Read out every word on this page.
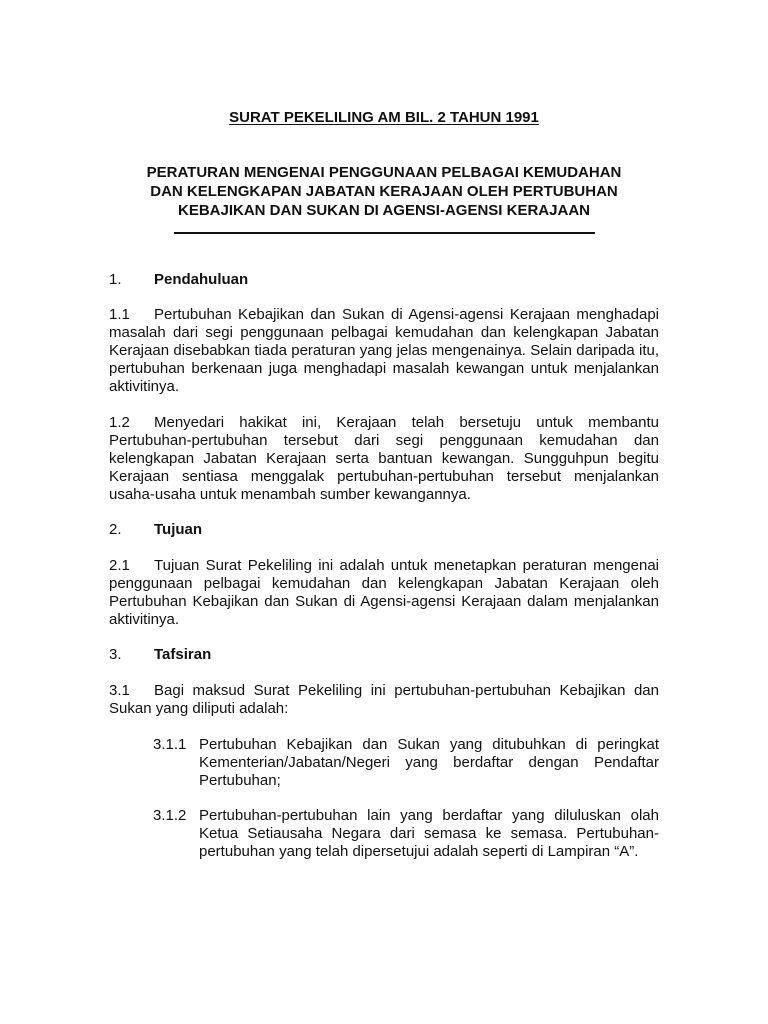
SURAT PEKELILING AM BIL. 2 TAHUN 1991
PERATURAN MENGENAI PENGGUNAAN PELBAGAI KEMUDAHAN
DAN KELENGKAPAN JABATAN KERAJAAN OLEH PERTUBUHAN
KEBAJIKAN DAN SUKAN DI AGENSI-AGENSI KERAJAAN
1. Pendahuluan
1.1 Pertubuhan Kebajikan dan Sukan di Agensi-agensi Kerajaan menghadapi masalah dari segi penggunaan pelbagai kemudahan dan kelengkapan Jabatan Kerajaan disebabkan tiada peraturan yang jelas mengenainya. Selain daripada itu, pertubuhan berkenaan juga menghadapi masalah kewangan untuk menjalankan aktivitinya.
1.2 Menyedari hakikat ini, Kerajaan telah bersetuju untuk membantu Pertubuhan-pertubuhan tersebut dari segi penggunaan kemudahan dan kelengkapan Jabatan Kerajaan serta bantuan kewangan. Sungguhpun begitu Kerajaan sentiasa menggalak pertubuhan-pertubuhan tersebut menjalankan usaha-usaha untuk menambah sumber kewangannya.
2. Tujuan
2.1 Tujuan Surat Pekeliling ini adalah untuk menetapkan peraturan mengenai penggunaan pelbagai kemudahan dan kelengkapan Jabatan Kerajaan oleh Pertubuhan Kebajikan dan Sukan di Agensi-agensi Kerajaan dalam menjalankan aktivitinya.
3. Tafsiran
3.1 Bagi maksud Surat Pekeliling ini pertubuhan-pertubuhan Kebajikan dan Sukan yang diliputi adalah:
3.1.1 Pertubuhan Kebajikan dan Sukan yang ditubuhkan di peringkat Kementerian/Jabatan/Negeri yang berdaftar dengan Pendaftar Pertubuhan;
3.1.2 Pertubuhan-pertubuhan lain yang berdaftar yang diluluskan olah Ketua Setiausaha Negara dari semasa ke semasa. Pertubuhan-pertubuhan yang telah dipersetujui adalah seperti di Lampiran “A”.
